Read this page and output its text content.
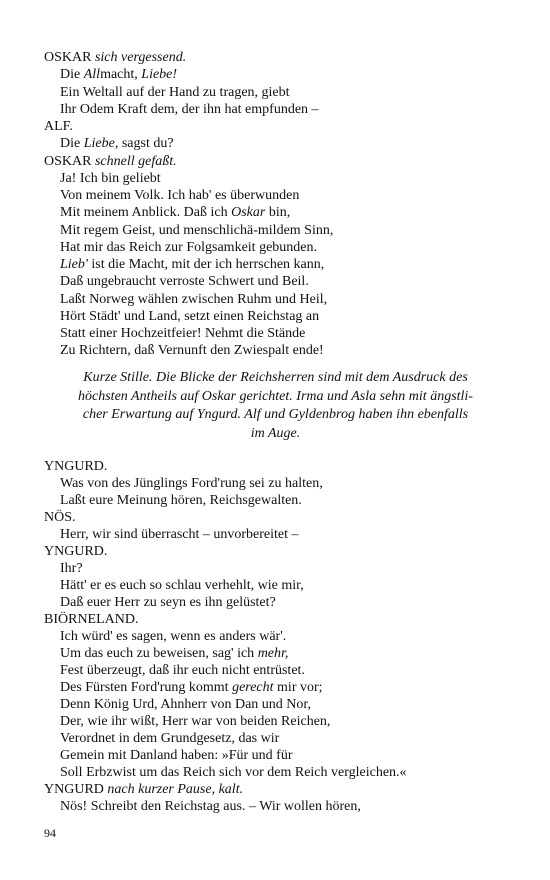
OSKAR sich vergessend.
Die Allmacht, Liebe!
Ein Weltall auf der Hand zu tragen, giebt
Ihr Odem Kraft dem, der ihn hat empfunden –
ALF.
Die Liebe, sagst du?
OSKAR schnell gefaßt.
Ja! Ich bin geliebt
Von meinem Volk. Ich hab' es überwunden
Mit meinem Anblick. Daß ich Oskar bin,
Mit regem Geist, und menschlichä-mildem Sinn,
Hat mir das Reich zur Folgsamkeit gebunden.
Lieb' ist die Macht, mit der ich herrschen kann,
Daß ungebraucht verroste Schwert und Beil.
Laßt Norweg wählen zwischen Ruhm und Heil,
Hört Städt' und Land, setzt einen Reichstag an
Statt einer Hochzeitfeier! Nehmt die Stände
Zu Richtern, daß Vernunft den Zwiespalt ende!
Kurze Stille. Die Blicke der Reichsherren sind mit dem Ausdruck des
höchsten Antheils auf Oskar gerichtet. Irma und Asla sehn mit ängstli-
cher Erwartung auf Yngurd. Alf und Gyldenbrog haben ihn ebenfalls
im Auge.
YNGURD.
Was von des Jünglings Ford'rung sei zu halten,
Laßt eure Meinung hören, Reichsgewalten.
NÖS.
Herr, wir sind überrascht – unvorbereitet –
YNGURD.
Ihr?
Hätt' er es euch so schlau verhehlt, wie mir,
Daß euer Herr zu seyn es ihn gelüstet?
BIÖRNELAND.
Ich würd' es sagen, wenn es anders wär'.
Um das euch zu beweisen, sag' ich mehr,
Fest überzeugt, daß ihr euch nicht entrüstet.
Des Fürsten Ford'rung kommt gerecht mir vor;
Denn König Urd, Ahnherr von Dan und Nor,
Der, wie ihr wißt, Herr war von beiden Reichen,
Verordnet in dem Grundgesetz, das wir
Gemein mit Danland haben: »Für und für
Soll Erbzwist um das Reich sich vor dem Reich vergleichen.«
YNGURD nach kurzer Pause, kalt.
Nös! Schreibt den Reichstag aus. – Wir wollen hören,
94
